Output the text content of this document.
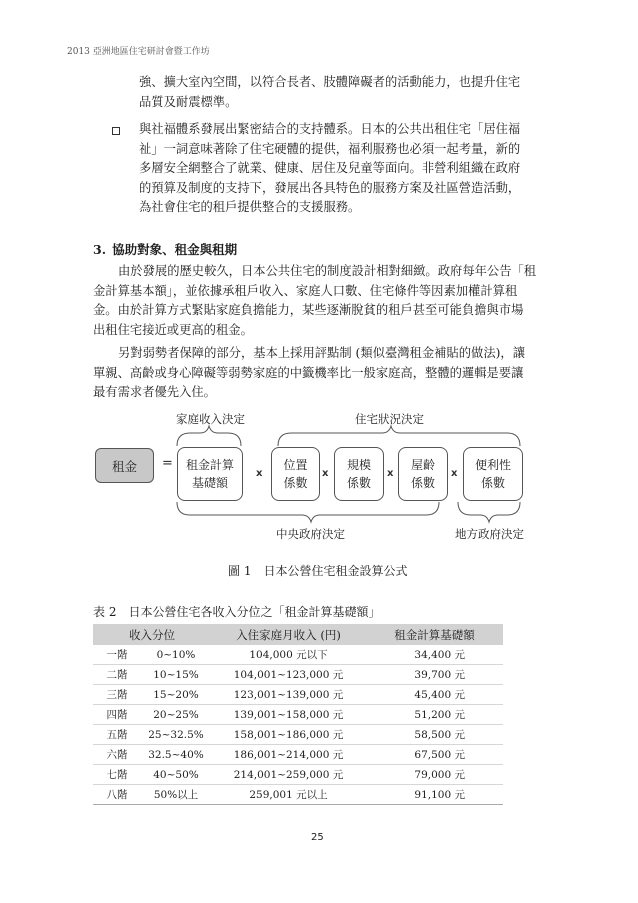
2013 亞洲地區住宅研討會暨工作坊
強、擴大室內空間，以符合長者、肢體障礙者的活動能力，也提升住宅
品質及耐震標準。
與社福體系發展出緊密結合的支持體系。日本的公共出租住宅「居住福
祉」一詞意味著除了住宅硬體的提供，福利服務也必須一起考量，新的
多層安全網整合了就業、健康、居住及兒童等面向。非營利組織在政府
的預算及制度的支持下，發展出各具特色的服務方案及社區營造活動，
為社會住宅的租戶提供整合的支援服務。
3. 協助對象、租金與租期
由於發展的歷史較久，日本公共住宅的制度設計相對細緻。政府每年公告「租
金計算基本額」，並依據承租戶收入、家庭人口數、住宅條件等因素加權計算租
金。由於計算方式緊貼家庭負擔能力，某些逐漸脫貧的租戶甚至可能負擔與市場
出租住宅接近或更高的租金。
另對弱勢者保障的部分，基本上採用評點制 (類似臺灣租金補貼的做法)，讓
單親、高齡或身心障礙等弱勢家庭的中籤機率比一般家庭高，整體的邏輯是要讓
最有需求者優先入住。
家庭收入決定	住宅狀況決定
租金	= 租金計算
基礎額
x
位置
係數
x
規模
係數
x
屋齡
係數
x
便利性
係數
中央政府決定	地方政府決定
圖 1　日本公營住宅租金設算公式
表 2　日本公營住宅各收入分位之「租金計算基礎額」
收入分位		入住家庭月收入 (円)	租金計算基礎額
一階	0~10%	104,000 元以下	34,400 元
二階	10~15%	104,001~123,000 元	39,700 元
三階	15~20%	123,001~139,000 元	45,400 元
四階	20~25%	139,001~158,000 元	51,200 元
五階	25~32.5%	158,001~186,000 元	58,500 元
六階	32.5~40%	186,001~214,000 元	67,500 元
七階	40~50%	214,001~259,000 元	79,000 元
八階	50%以上	259,001 元以上	91,100 元
25
